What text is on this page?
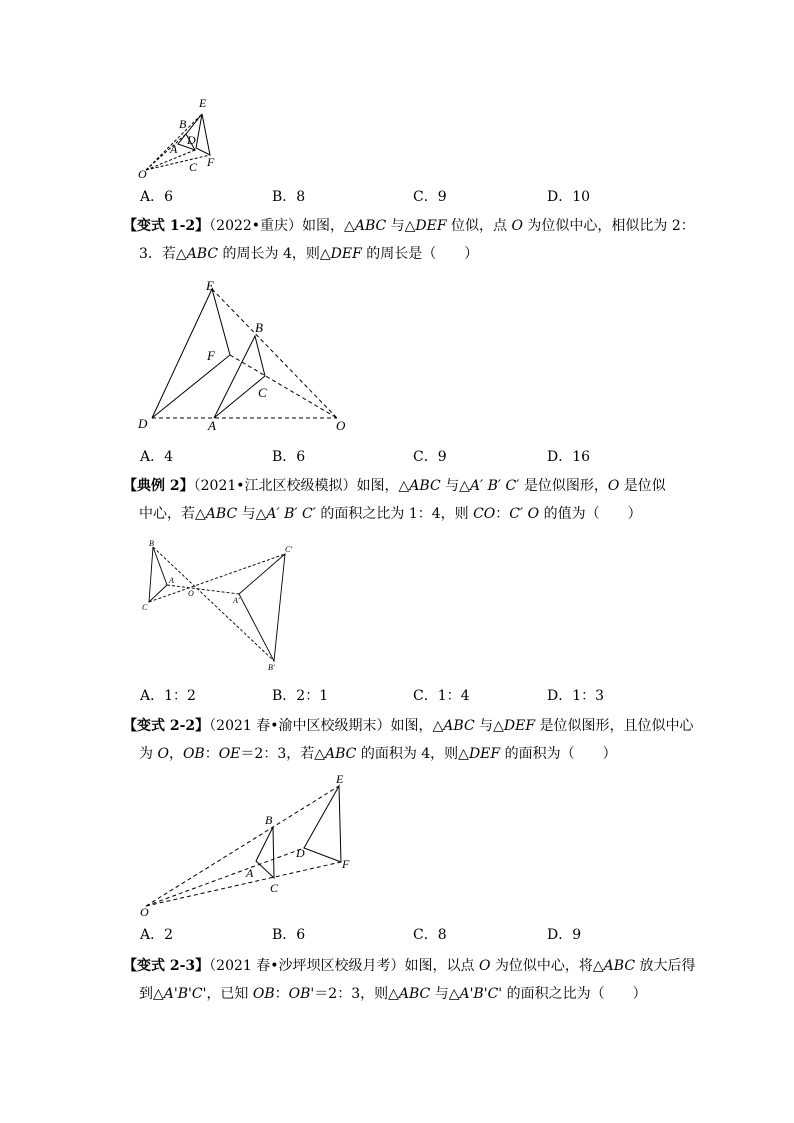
E
B
D
A
C F
O
A．6	B．8	C．9	D．10
【变式 1-2】（2022•重庆）如图，△ABC 与△DEF 位似，点 O 为位似中心，相似比为 2：
3．若△ABC 的周长为 4，则△DEF 的周长是（　　）
E
B
F
C
D	A	O
A．4	B．6	C．9	D．16
【典例 2】（2021•江北区校级模拟）如图，△ABC 与△A′ B′ C′ 是位似图形，O 是位似
中心，若△ABC 与△A′ B′ C′ 的面积之比为 1：4，则 CO：C′ O 的值为（　　）
B
A
C
O
A'
C'
B'
A．1：2	B．2：1	C．1：4	D．1：3
【变式 2-2】（2021 春•渝中区校级期末）如图，△ABC 与△DEF 是位似图形，且位似中心
为 O，OB：OE＝2：3，若△ABC 的面积为 4，则△DEF 的面积为（　　）
E
B
D
A
C
F
O
A．2	B．6	C．8	D．9
【变式 2-3】（2021 春•沙坪坝区校级月考）如图，以点 O 为位似中心，将△ABC 放大后得
到△A'B'C'，已知 OB：OB'＝2：3，则△ABC 与△A'B'C' 的面积之比为（　　）
